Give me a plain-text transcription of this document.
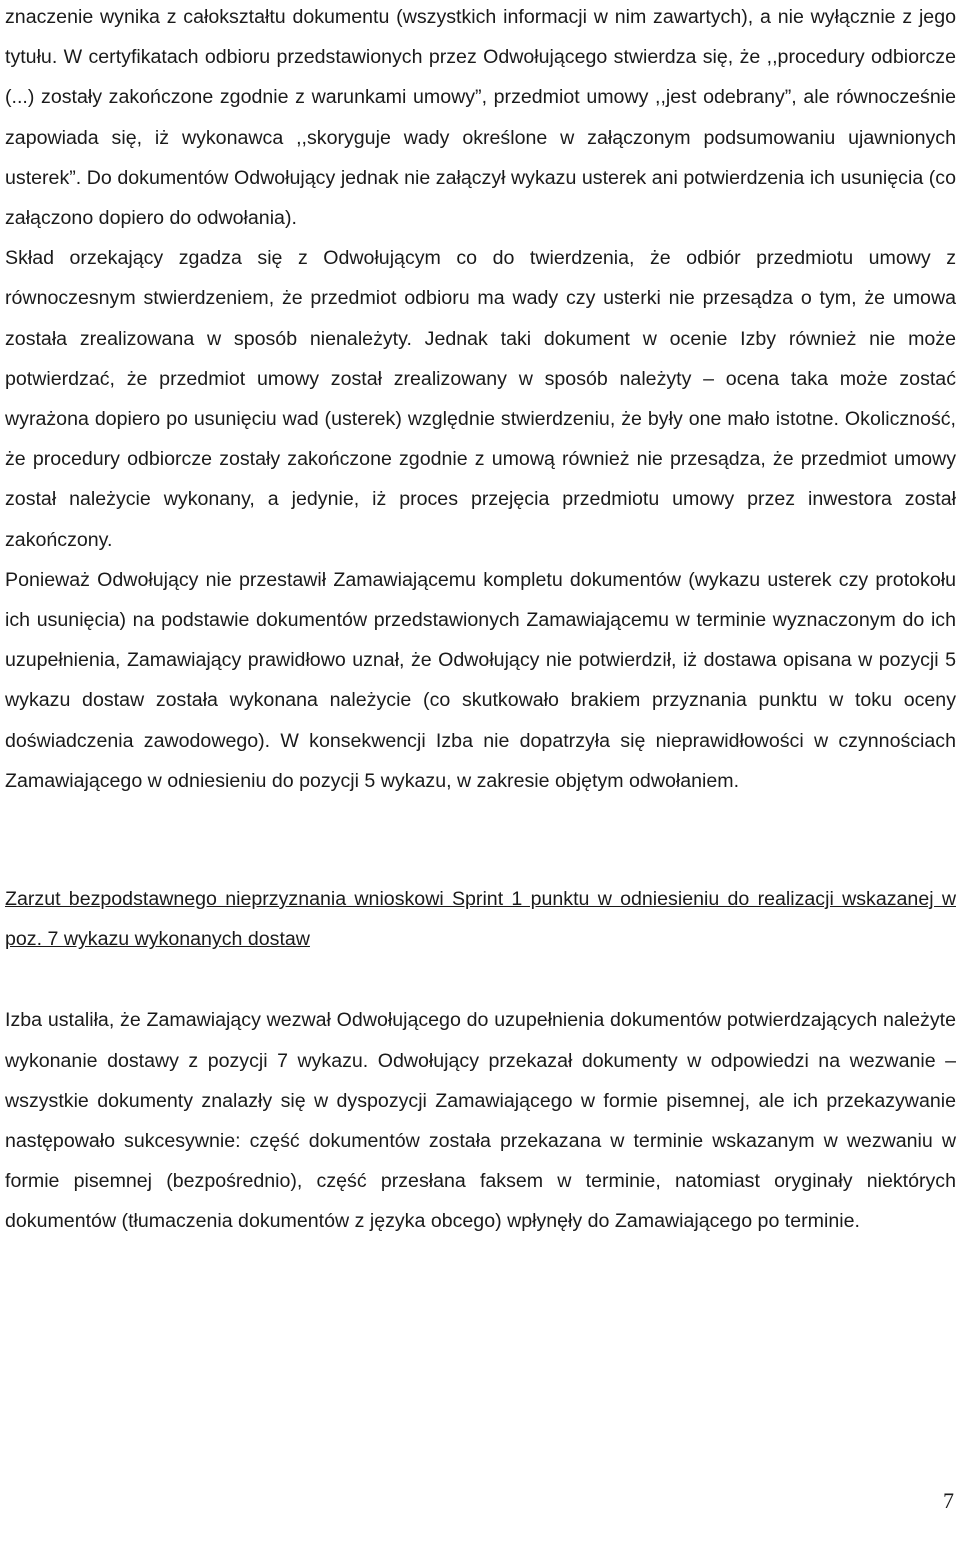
znaczenie wynika z całokształtu dokumentu (wszystkich informacji w nim zawartych), a nie wyłącznie z jego tytułu. W certyfikatach odbioru przedstawionych przez Odwołującego stwierdza się, że ,,procedury odbiorcze (...) zostały zakończone zgodnie z warunkami umowy”, przedmiot umowy ,,jest odebrany”, ale równocześnie zapowiada się, iż wykonawca ,,skoryguje wady określone w załączonym podsumowaniu ujawnionych usterek”. Do dokumentów Odwołujący jednak nie załączył wykazu usterek ani potwierdzenia ich usunięcia (co załączono dopiero do odwołania).

Skład orzekający zgadza się z Odwołującym co do twierdzenia, że odbiór przedmiotu umowy z równoczesnym stwierdzeniem, że przedmiot odbioru ma wady czy usterki nie przesądza o tym, że umowa została zrealizowana w sposób nienależyty. Jednak taki dokument w ocenie Izby również nie może potwierdzać, że przedmiot umowy został zrealizowany w sposób należyty – ocena taka może zostać wyrażona dopiero po usunięciu wad (usterek) względnie stwierdzeniu, że były one mało istotne. Okoliczność, że procedury odbiorcze zostały zakończone zgodnie z umową również nie przesądza, że przedmiot umowy został należycie wykonany, a jedynie, iż proces przejęcia przedmiotu umowy przez inwestora został zakończony.

Ponieważ Odwołujący nie przestawił Zamawiającemu kompletu dokumentów (wykazu usterek czy protokołu ich usunięcia) na podstawie dokumentów przedstawionych Zamawiającemu w terminie wyznaczonym do ich uzupełnienia, Zamawiający prawidłowo uznał, że Odwołujący nie potwierdził, iż dostawa opisana w pozycji 5 wykazu dostaw została wykonana należycie (co skutkowało brakiem przyznania punktu w toku oceny doświadczenia zawodowego). W konsekwencji Izba nie dopatrzyła się nieprawidłowości w czynnościach Zamawiającego w odniesieniu do pozycji 5 wykazu, w zakresie objętym odwołaniem.

Zarzut bezpodstawnego nieprzyznania wnioskowi Sprint 1 punktu w odniesieniu do realizacji wskazanej w poz. 7 wykazu wykonanych dostaw

Izba ustaliła, że Zamawiający wezwał Odwołującego do uzupełnienia dokumentów potwierdzających należyte wykonanie dostawy z pozycji 7 wykazu. Odwołujący przekazał dokumenty w odpowiedzi na wezwanie – wszystkie dokumenty znalazły się w dyspozycji Zamawiającego w formie pisemnej, ale ich przekazywanie następowało sukcesywnie: część dokumentów została przekazana w terminie wskazanym w wezwaniu w formie pisemnej (bezpośrednio), część przesłana faksem w terminie, natomiast oryginały niektórych dokumentów (tłumaczenia dokumentów z języka obcego) wpłynęły do Zamawiającego po terminie.

7
